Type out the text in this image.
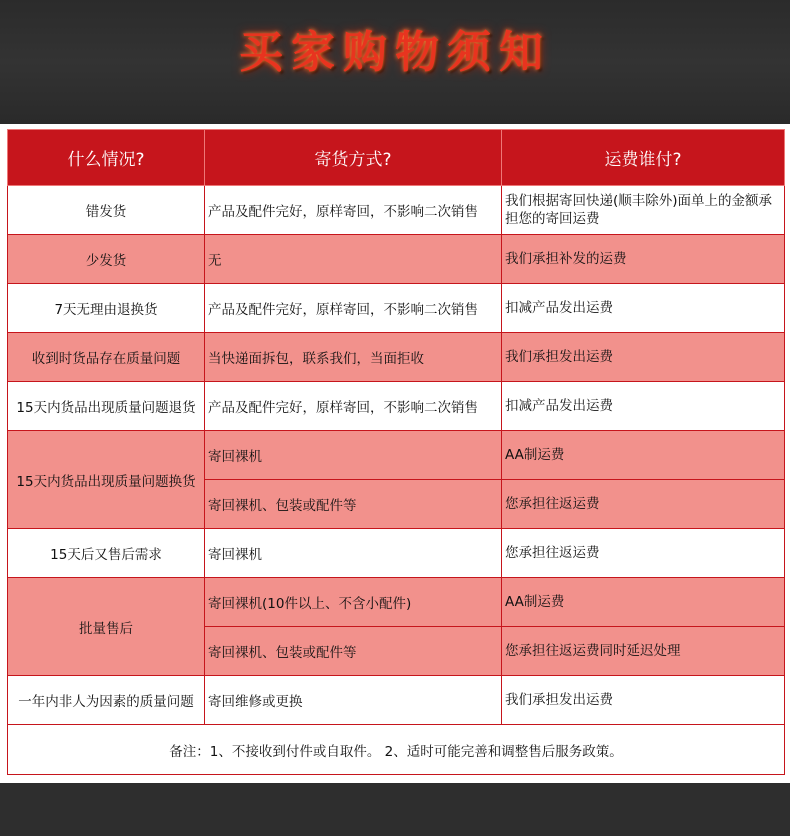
买家购物须知
什么情况?	寄货方式?	运费谁付?
错发货	产品及配件完好，原样寄回，不影响二次销售	我们根据寄回快递(顺丰除外)面单上的金额承担您的寄回运费
少发货	无	我们承担补发的运费
7天无理由退换货	产品及配件完好，原样寄回，不影响二次销售	扣减产品发出运费
收到时货品存在质量问题	当快递面拆包，联系我们，当面拒收	我们承担发出运费
15天内货品出现质量问题退货	产品及配件完好，原样寄回，不影响二次销售	扣减产品发出运费
15天内货品出现质量问题换货	寄回裸机	AA制运费
	寄回裸机、包装或配件等	您承担往返运费
15天后又售后需求	寄回裸机	您承担往返运费
批量售后	寄回裸机(10件以上、不含小配件)	AA制运费
	寄回裸机、包装或配件等	您承担往返运费同时延迟处理
一年内非人为因素的质量问题	寄回维修或更换	我们承担发出运费
备注：1、不接收到付件或自取件。 2、适时可能完善和调整售后服务政策。		
